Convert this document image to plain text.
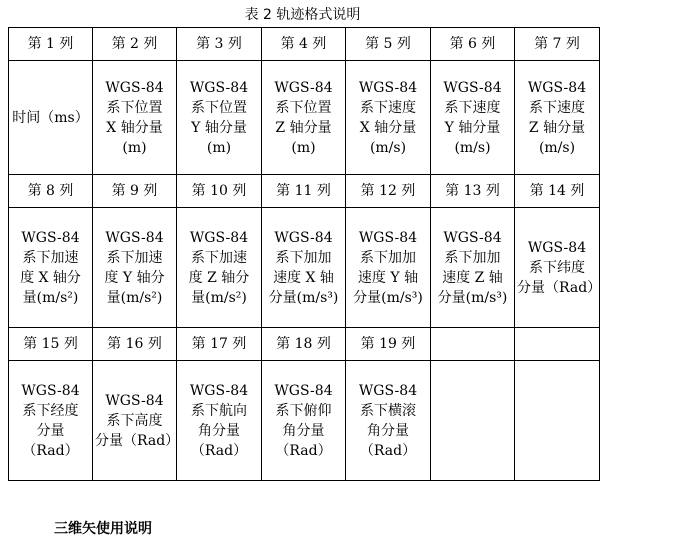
表 2 轨迹格式说明
第 1 列	第 2 列	第 3 列	第 4 列	第 5 列	第 6 列	第 7 列

时间（ms）	WGS-84
系下位置
X 轴分量
(m)	WGS-84
系下位置
Y 轴分量
(m)	WGS-84
系下位置
Z 轴分量
(m)	WGS-84
系下速度
X 轴分量
(m/s)	WGS-84
系下速度
Y 轴分量
(m/s)	WGS-84
系下速度
Z 轴分量
(m/s)

第 8 列	第 9 列	第 10 列	第 11 列	第 12 列	第 13 列	第 14 列

WGS-84
系下加速
度 X 轴分
量(m/s²)	WGS-84
系下加速
度 Y 轴分
量(m/s²)	WGS-84
系下加速
度 Z 轴分
量(m/s²)	WGS-84
系下加加
速度 X 轴
分量(m/s³)	WGS-84
系下加加
速度 Y 轴
分量(m/s³)	WGS-84
系下加加
速度 Z 轴
分量(m/s³)	WGS-84
系下纬度
分量（Rad）

第 15 列	第 16 列	第 17 列	第 18 列	第 19 列		

WGS-84
系下经度
分量
（Rad）	WGS-84
系下高度
分量（Rad）	WGS-84
系下航向
角分量
（Rad）	WGS-84
系下俯仰
角分量
（Rad）	WGS-84
系下横滚
角分量
（Rad）		

三维矢使用说明
